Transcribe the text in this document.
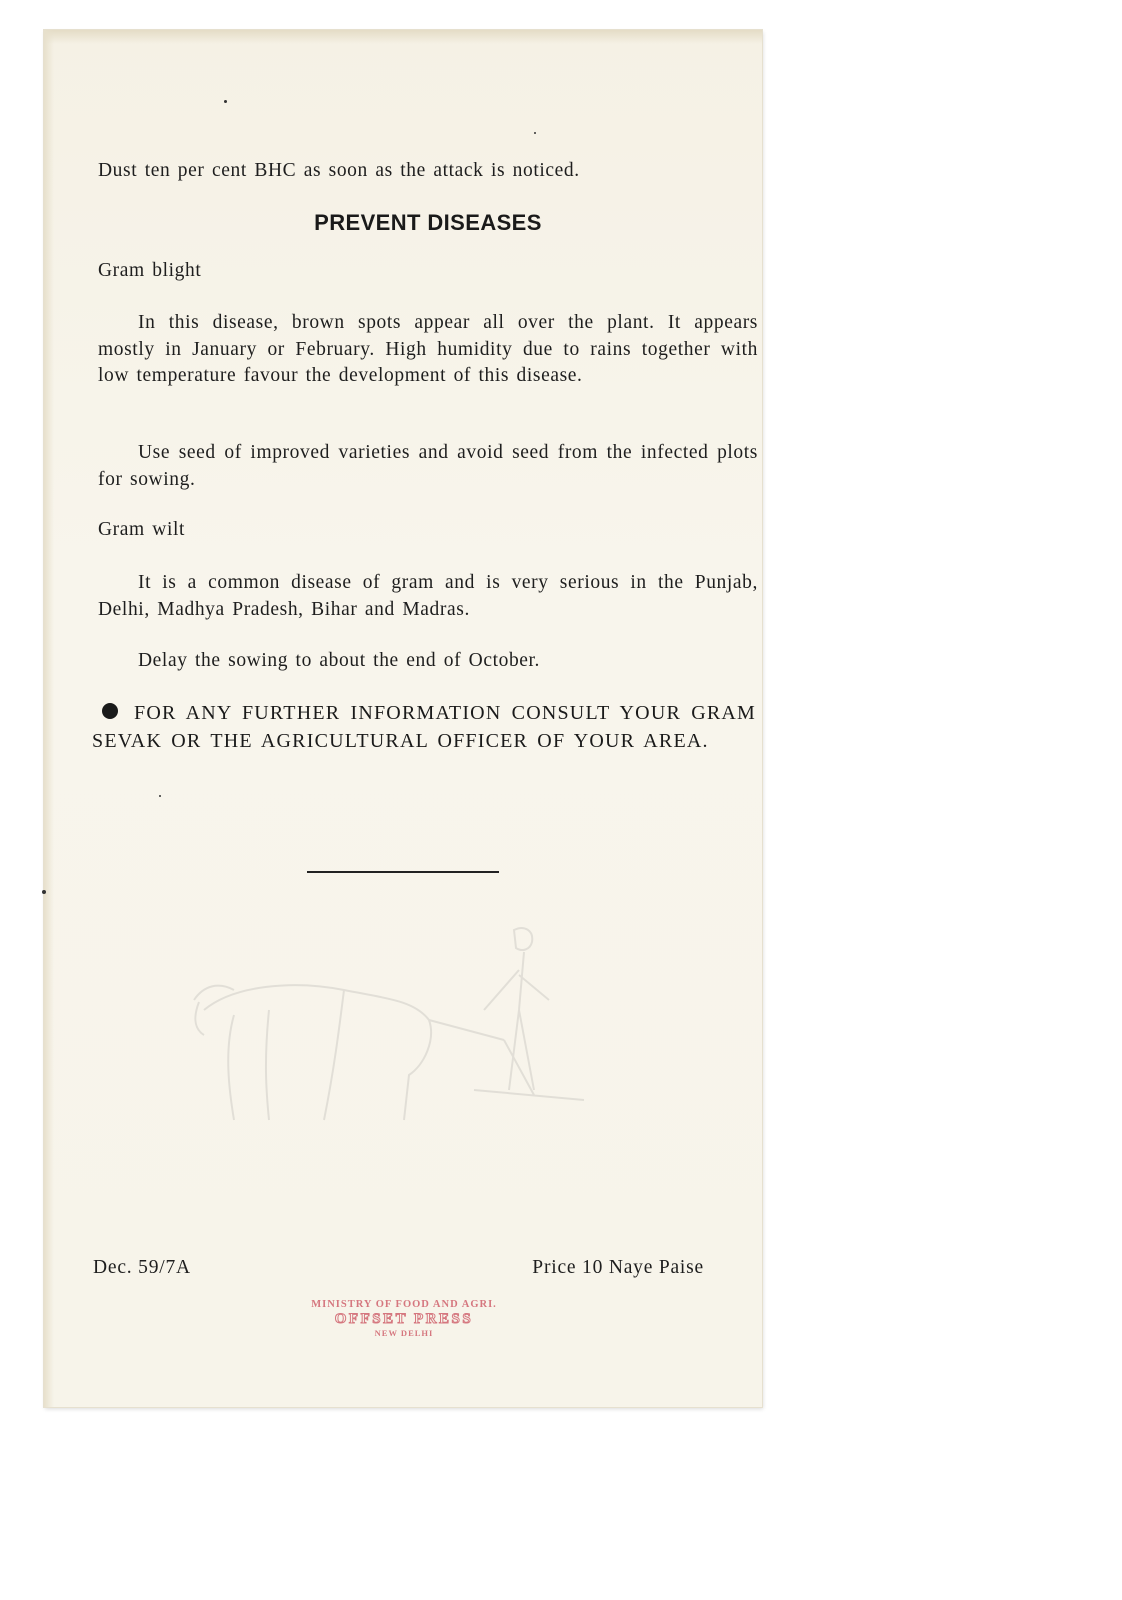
Dust ten per cent BHC as soon as the attack is noticed.

PREVENT DISEASES

Gram blight

In this disease, brown spots appear all over the plant. It appears mostly in January or February. High humidity due to rains together with low temperature favour the development of this disease.

Use seed of improved varieties and avoid seed from the infected plots for sowing.

Gram wilt

It is a common disease of gram and is very serious in the Punjab, Delhi, Madhya Pradesh, Bihar and Madras.

Delay the sowing to about the end of October.

FOR ANY FURTHER INFORMATION CONSULT YOUR GRAM SEVAK OR THE AGRICULTURAL OFFICER OF YOUR AREA.

Dec. 59/7A	Price 10 Naye Paise

MINISTRY OF FOOD AND AGRI.
OFFSET PRESS
NEW DELHI
